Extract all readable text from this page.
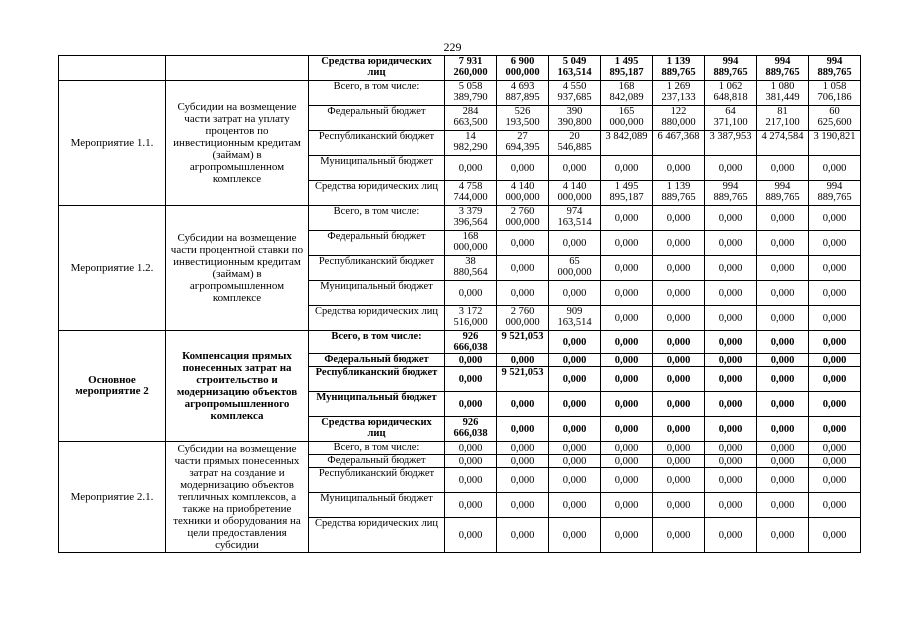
229
		Средства юридических лиц	7 931 260,000	6 900 000,000	5 049 163,514	1 495 895,187	1 139 889,765	994 889,765	994 889,765	994 889,765
Мероприятие 1.1.	Субсидии на возмещение части затрат на уплату процентов по инвестиционным кредитам (займам) в агропромышленном комплексе	Всего, в том числе:	5 058 389,790	4 693 887,895	4 550 937,685	168 842,089	1 269 237,133	1 062 648,818	1 080 381,449	1 058 706,186
		Федеральный бюджет	284 663,500	526 193,500	390 390,800	165 000,000	122 880,000	64 371,100	81 217,100	60 625,600
		Республиканский бюджет	14 982,290	27 694,395	20 546,885	3 842,089	6 467,368	3 387,953	4 274,584	3 190,821
		Муниципальный бюджет	0,000	0,000	0,000	0,000	0,000	0,000	0,000	0,000
		Средства юридических лиц	4 758 744,000	4 140 000,000	4 140 000,000	1 495 895,187	1 139 889,765	994 889,765	994 889,765	994 889,765
Мероприятие 1.2.	Субсидии на возмещение части процентной ставки по инвестиционным кредитам (займам) в агропромышленном комплексе	Всего, в том числе:	3 379 396,564	2 760 000,000	974 163,514	0,000	0,000	0,000	0,000	0,000
		Федеральный бюджет	168 000,000	0,000	0,000	0,000	0,000	0,000	0,000	0,000
		Республиканский бюджет	38 880,564	0,000	65 000,000	0,000	0,000	0,000	0,000	0,000
		Муниципальный бюджет	0,000	0,000	0,000	0,000	0,000	0,000	0,000	0,000
		Средства юридических лиц	3 172 516,000	2 760 000,000	909 163,514	0,000	0,000	0,000	0,000	0,000
Основное мероприятие 2	Компенсация прямых понесенных затрат на строительство и модернизацию объектов агропромышленного комплекса	Всего, в том числе:	926 666,038	9 521,053	0,000	0,000	0,000	0,000	0,000	0,000
		Федеральный бюджет	0,000	0,000	0,000	0,000	0,000	0,000	0,000	0,000
		Республиканский бюджет	0,000	9 521,053	0,000	0,000	0,000	0,000	0,000	0,000
		Муниципальный бюджет	0,000	0,000	0,000	0,000	0,000	0,000	0,000	0,000
		Средства юридических лиц	926 666,038	0,000	0,000	0,000	0,000	0,000	0,000	0,000
Мероприятие 2.1.	Субсидии на возмещение части прямых понесенных затрат на создание и модернизацию объектов тепличных комплексов, а также на приобретение техники и оборудования на цели предоставления субсидии	Всего, в том числе:	0,000	0,000	0,000	0,000	0,000	0,000	0,000	0,000
		Федеральный бюджет	0,000	0,000	0,000	0,000	0,000	0,000	0,000	0,000
		Республиканский бюджет	0,000	0,000	0,000	0,000	0,000	0,000	0,000	0,000
		Муниципальный бюджет	0,000	0,000	0,000	0,000	0,000	0,000	0,000	0,000
		Средства юридических лиц	0,000	0,000	0,000	0,000	0,000	0,000	0,000	0,000
